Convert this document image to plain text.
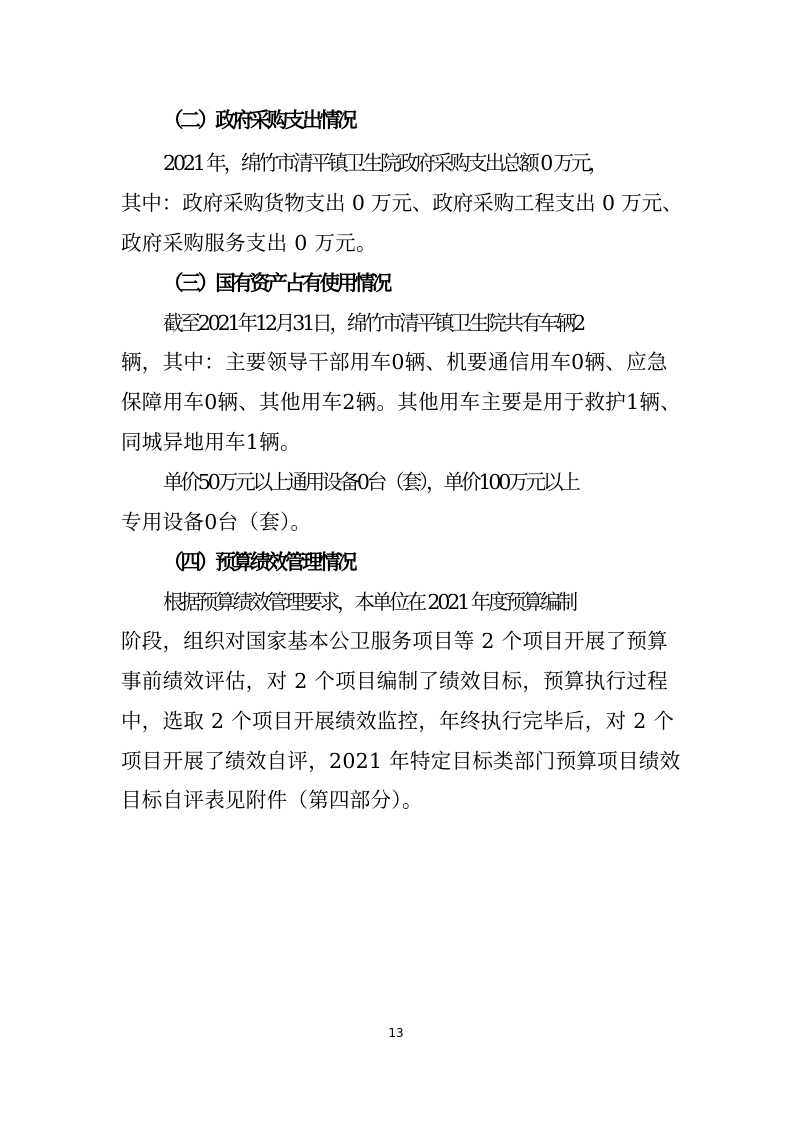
（二）政府采购支出情况
2021 年，绵竹市清平镇卫生院政府采购支出总额 0 万元，
其中：政府采购货物支出 0 万元、政府采购工程支出 0 万元、
政府采购服务支出 0 万元。
（三）国有资产占有使用情况
截至2021年12月31日，绵竹市清平镇卫生院共有车辆2
辆，其中：主要领导干部用车0辆、机要通信用车0辆、应急
保障用车0辆、其他用车2辆。其他用车主要是用于救护1辆、
同城异地用车1辆。
单价50万元以上通用设备0台（套），单价100万元以上
专用设备0台（套）。
（四）预算绩效管理情况
根据预算绩效管理要求，本单位在 2021 年度预算编制
阶段，组织对国家基本公卫服务项目等 2 个项目开展了预算
事前绩效评估，对 2 个项目编制了绩效目标，预算执行过程
中，选取 2 个项目开展绩效监控，年终执行完毕后，对 2 个
项目开展了绩效自评，2021 年特定目标类部门预算项目绩效
目标自评表见附件（第四部分）。
13
